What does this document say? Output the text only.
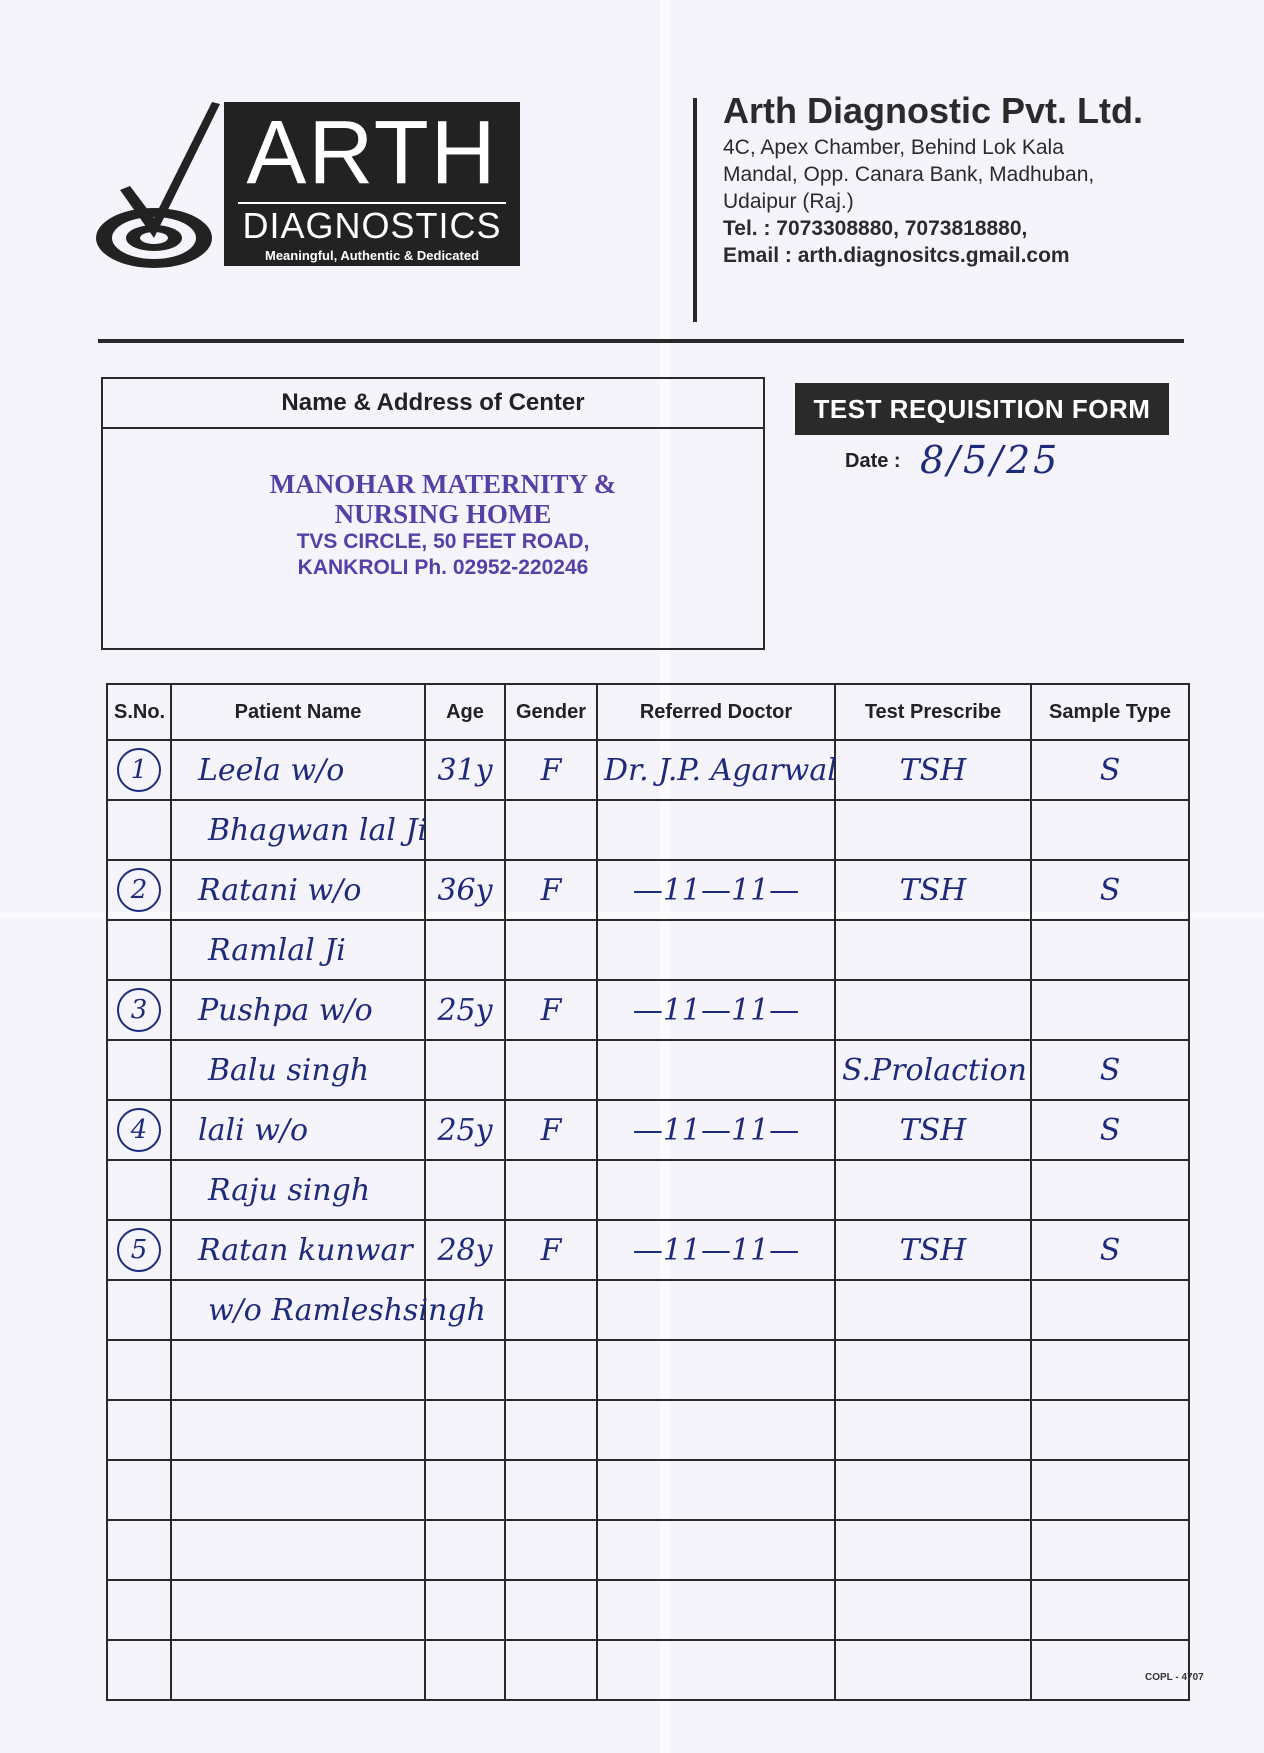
ARTH
DIAGNOSTICS
Meaningful, Authentic & Dedicated
Arth Diagnostic Pvt. Ltd.
4C, Apex Chamber, Behind Lok Kala
Mandal, Opp. Canara Bank, Madhuban,
Udaipur (Raj.)
Tel. : 7073308880, 7073818880,
Email : arth.diagnositcs.gmail.com
Name & Address of Center
MANOHAR MATERNITY &
NURSING HOME
TVS CIRCLE, 50 FEET ROAD,
KANKROLI Ph. 02952-220246
TEST REQUISITION FORM
Date : 8/5/25
S.No.	Patient Name	Age	Gender	Referred Doctor	Test Prescribe	Sample Type
1	Leela w/o	31y	F	Dr. J.P. Agarwal	TSH	S
	Bhagwan lal Ji					
2	Ratani w/o	36y	F	—11—11—	TSH	S
	Ramlal Ji					
3	Pushpa w/o	25y	F	—11—11—		
	Balu singh				S.Prolaction	S
4	lali w/o	25y	F	—11—11—	TSH	S
	Raju singh					
5	Ratan kunwar	28y	F	—11—11—	TSH	S
	w/o Ramleshsingh					

COPL - 4707
